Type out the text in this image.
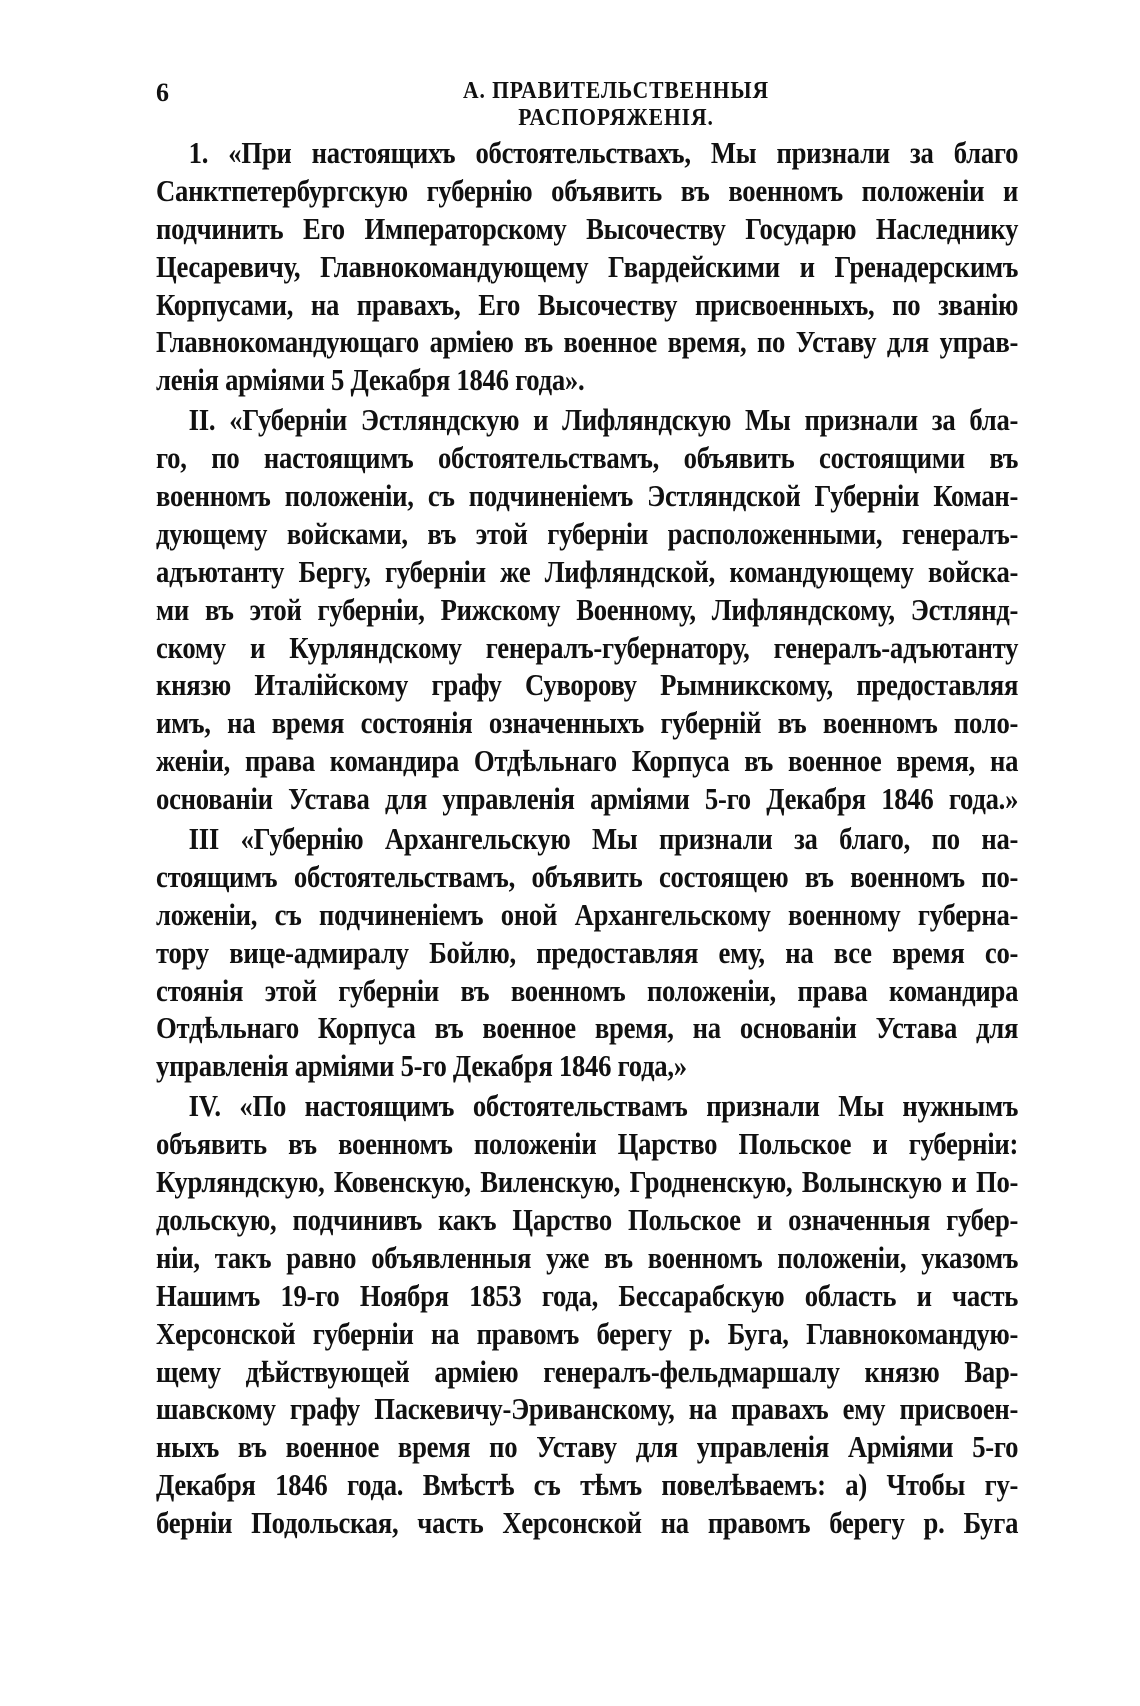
6	А. ПРАВИТЕЛЬСТВЕННЫЯ РАСПОРЯЖЕНІЯ.
1. «При настоящихъ обстоятельствахъ, Мы признали за благо
Санктпетербургскую губернію объявить въ военномъ положеніи и
подчинить Его Императорскому Высочеству Государю Наследнику
Цесаревичу, Главнокомандующему Гвардейскими и Гренадерскимъ
Корпусами, на правахъ, Его Высочеству присвоенныхъ, по званію
Главнокомандующаго арміею въ военное время, по Уставу для управ-
ленія арміями 5 Декабря 1846 года».
II. «Губерніи Эстляндскую и Лифляндскую Мы признали за бла-
го, по настоящимъ обстоятельствамъ, объявить состоящими въ
военномъ положеніи, съ подчиненіемъ Эстляндской Губерніи Коман-
дующему войсками, въ этой губерніи расположенными, генералъ-
адъютанту Бергу, губерніи же Лифляндской, командующему войска-
ми въ этой губерніи, Рижскому Военному, Лифляндскому, Эстлянд-
скому и Курляндскому генералъ-губернатору, генералъ-адъютанту
князю Италійскому графу Суворову Рымникскому, предоставляя
имъ, на время состоянія означенныхъ губерній въ военномъ поло-
женіи, права командира Отдѣльнаго Корпуса въ военное время, на
основаніи Устава для управленія арміями 5-го Декабря 1846 года.»
III «Губернію Архангельскую Мы признали за благо, по на-
стоящимъ обстоятельствамъ, объявить состоящею въ военномъ по-
ложеніи, съ подчиненіемъ оной Архангельскому военному губерна-
тору вице-адмиралу Бойлю, предоставляя ему, на все время со-
стоянія этой губерніи въ военномъ положеніи, права командира
Отдѣльнаго Корпуса въ военное время, на основаніи Устава для
управленія арміями 5-го Декабря 1846 года,»
IV. «По настоящимъ обстоятельствамъ признали Мы нужнымъ
объявить въ военномъ положеніи Царство Польское и губерніи:
Курляндскую, Ковенскую, Виленскую, Гродненскую, Волынскую и По-
дольскую, подчинивъ какъ Царство Польское и означенныя губер-
ніи, такъ равно объявленныя уже въ военномъ положеніи, указомъ
Нашимъ 19-го Ноября 1853 года, Бессарабскую область и часть
Херсонской губерніи на правомъ берегу р. Буга, Главнокомандую-
щему дѣйствующей арміею генералъ-фельдмаршалу князю Вар-
шавскому графу Паскевичу-Эриванскому, на правахъ ему присвоен-
ныхъ въ военное время по Уставу для управленія Арміями 5-го
Декабря 1846 года. Вмѣстѣ съ тѣмъ повелѣваемъ: а) Чтобы гу-
берніи Подольская, часть Херсонской на правомъ берегу р. Буга
